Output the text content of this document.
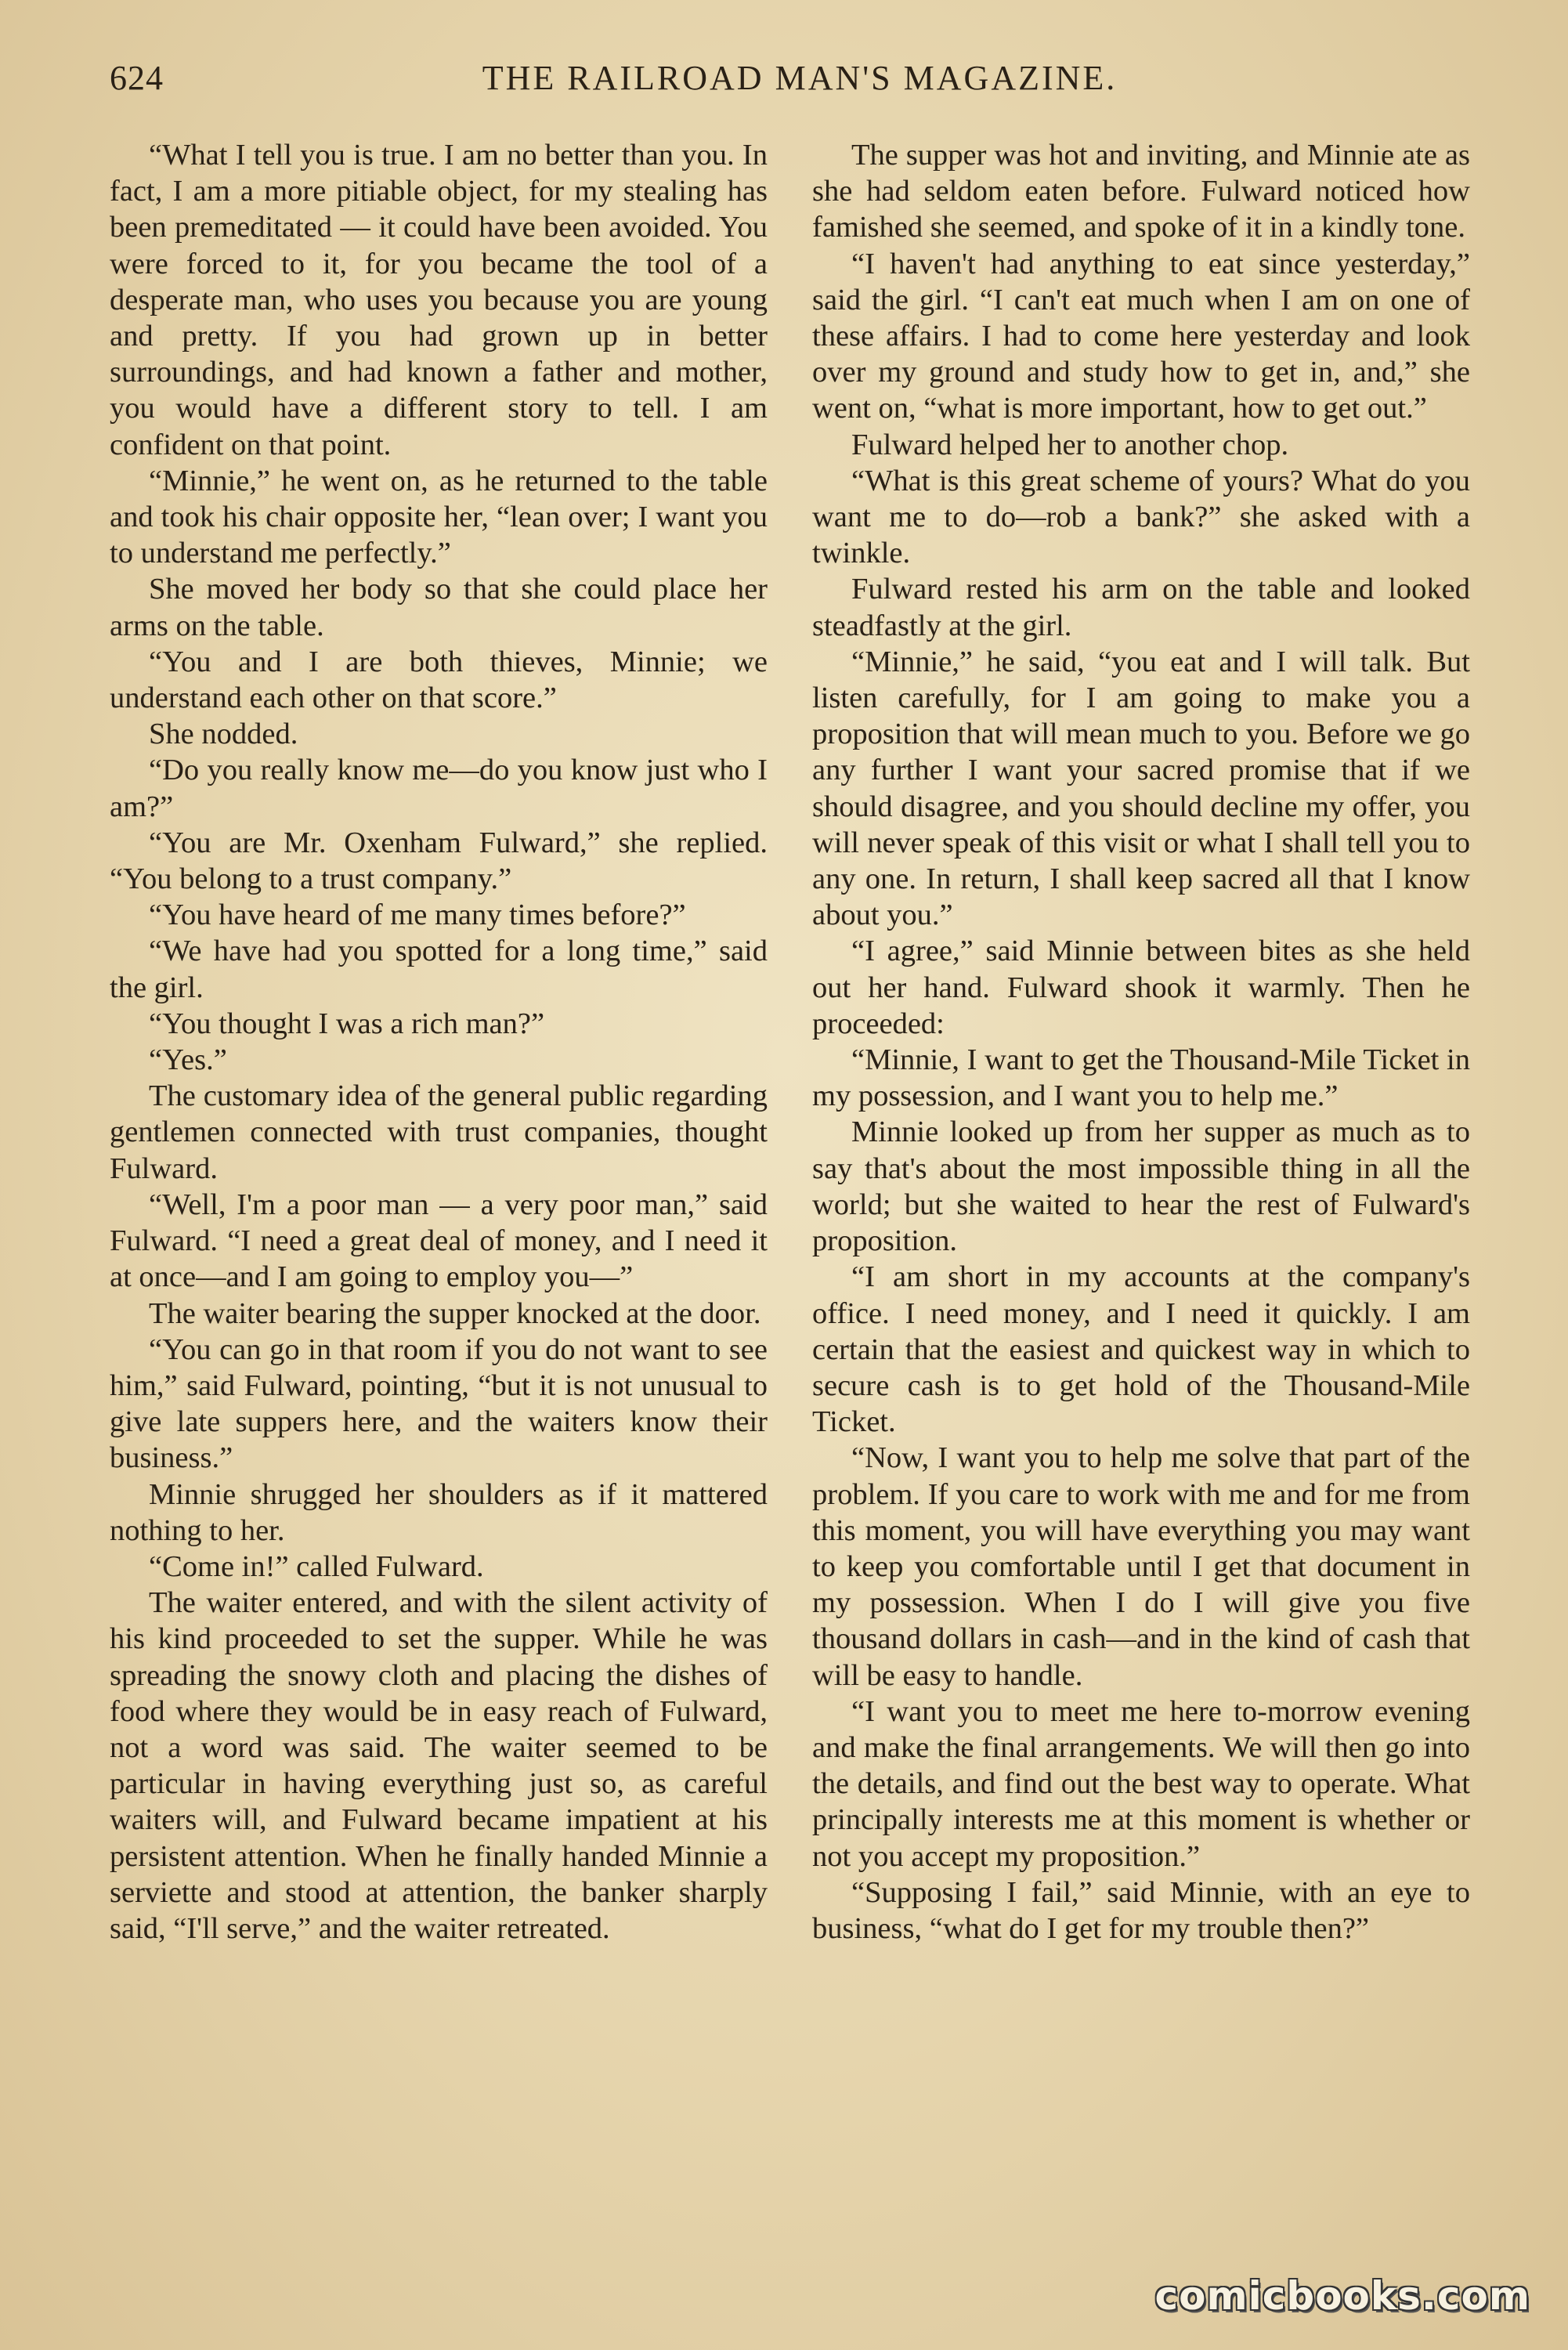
624	THE RAILROAD MAN'S MAGAZINE.

“What I tell you is true. I am no better than you. In fact, I am a more pitiable object, for my stealing has been premeditated — it could have been avoided. You were forced to it, for you became the tool of a desperate man, who uses you because you are young and pretty. If you had grown up in better surroundings, and had known a father and mother, you would have a different story to tell. I am confident on that point.

“Minnie,” he went on, as he returned to the table and took his chair opposite her, “lean over; I want you to understand me perfectly.”

She moved her body so that she could place her arms on the table.

“You and I are both thieves, Minnie; we understand each other on that score.”

She nodded.

“Do you really know me—do you know just who I am?”

“You are Mr. Oxenham Fulward,” she replied. “You belong to a trust company.”

“You have heard of me many times before?”

“We have had you spotted for a long time,” said the girl.

“You thought I was a rich man?”

“Yes.”

The customary idea of the general public regarding gentlemen connected with trust companies, thought Fulward.

“Well, I'm a poor man — a very poor man,” said Fulward. “I need a great deal of money, and I need it at once—and I am going to employ you—”

The waiter bearing the supper knocked at the door.

“You can go in that room if you do not want to see him,” said Fulward, pointing, “but it is not unusual to give late suppers here, and the waiters know their business.”

Minnie shrugged her shoulders as if it mattered nothing to her.

“Come in!” called Fulward.

The waiter entered, and with the silent activity of his kind proceeded to set the supper. While he was spreading the snowy cloth and placing the dishes of food where they would be in easy reach of Fulward, not a word was said. The waiter seemed to be particular in having everything just so, as careful waiters will, and Fulward became impatient at his persistent attention. When he finally handed Minnie a serviette and stood at attention, the banker sharply said, “I'll serve,” and the waiter retreated.

The supper was hot and inviting, and Minnie ate as she had seldom eaten before. Fulward noticed how famished she seemed, and spoke of it in a kindly tone.

“I haven't had anything to eat since yesterday,” said the girl. “I can't eat much when I am on one of these affairs. I had to come here yesterday and look over my ground and study how to get in, and,” she went on, “what is more important, how to get out.”

Fulward helped her to another chop.

“What is this great scheme of yours? What do you want me to do—rob a bank?” she asked with a twinkle.

Fulward rested his arm on the table and looked steadfastly at the girl.

“Minnie,” he said, “you eat and I will talk. But listen carefully, for I am going to make you a proposition that will mean much to you. Before we go any further I want your sacred promise that if we should disagree, and you should decline my offer, you will never speak of this visit or what I shall tell you to any one. In return, I shall keep sacred all that I know about you.”

“I agree,” said Minnie between bites as she held out her hand. Fulward shook it warmly. Then he proceeded:

“Minnie, I want to get the Thousand-Mile Ticket in my possession, and I want you to help me.”

Minnie looked up from her supper as much as to say that's about the most impossible thing in all the world; but she waited to hear the rest of Fulward's proposition.

“I am short in my accounts at the company's office. I need money, and I need it quickly. I am certain that the easiest and quickest way in which to secure cash is to get hold of the Thousand-Mile Ticket.

“Now, I want you to help me solve that part of the problem. If you care to work with me and for me from this moment, you will have everything you may want to keep you comfortable until I get that document in my possession. When I do I will give you five thousand dollars in cash—and in the kind of cash that will be easy to handle.

“I want you to meet me here to-morrow evening and make the final arrangements. We will then go into the details, and find out the best way to operate. What principally interests me at this moment is whether or not you accept my proposition.”

“Supposing I fail,” said Minnie, with an eye to business, “what do I get for my trouble then?”

comicbooks.com
